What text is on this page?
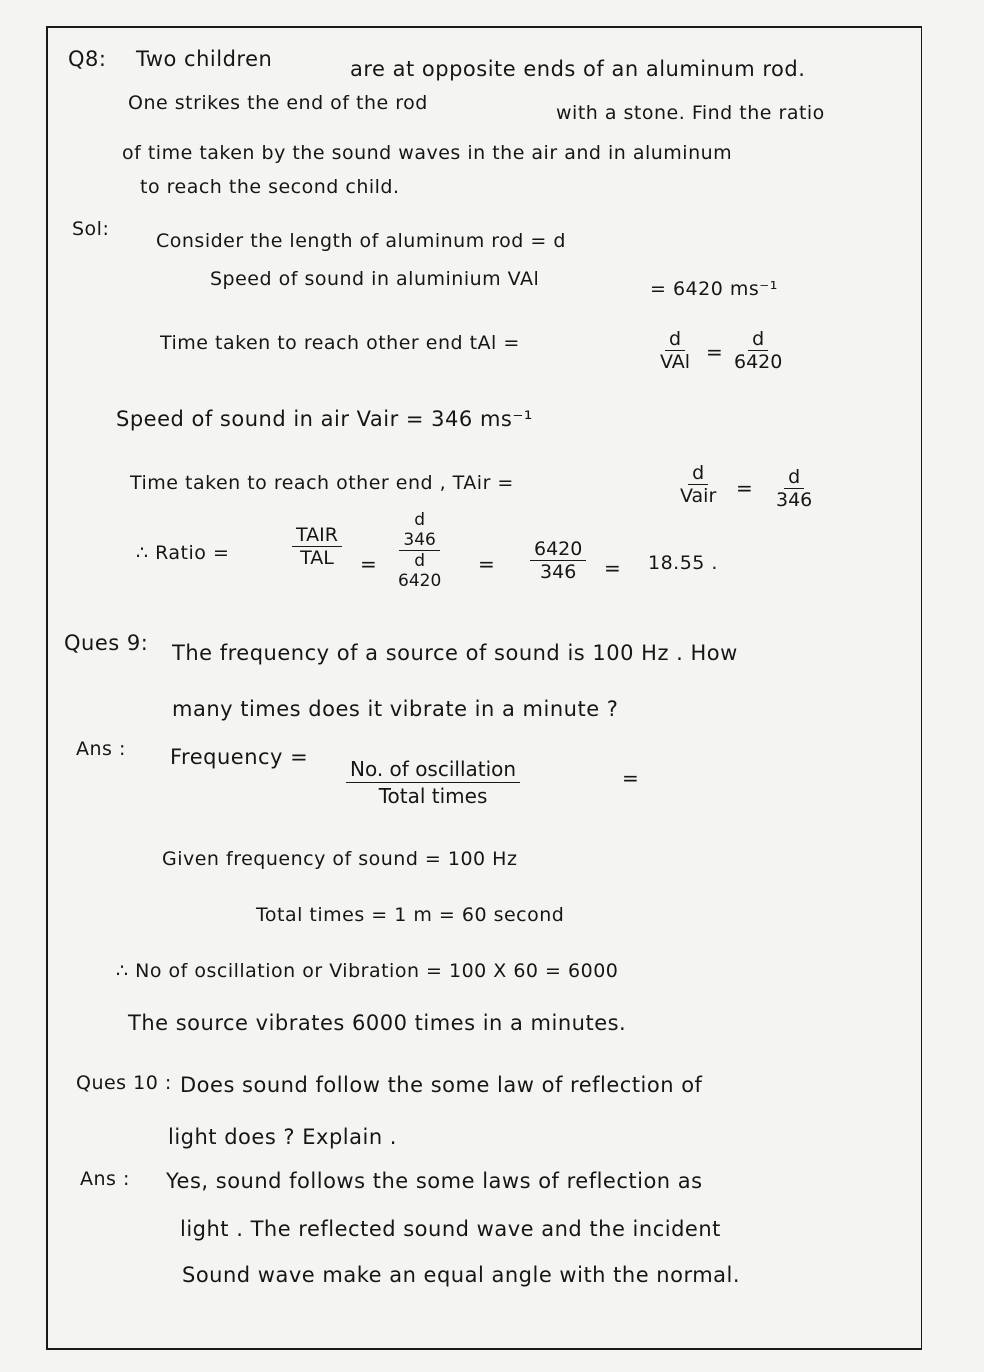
Q8: Two children	are at opposite ends of an aluminum rod.
One strikes the end of the rod	with a stone. Find the ratio
of time taken by the sound waves in the air and in aluminum
to reach the second child.
Sol:
Consider the length of aluminum rod = d
Speed of sound in aluminium VAl	= 6420 ms⁻¹
Time taken to reach other end tAl =	d
VAl = $\frac{d}{6420}$
Speed of sound in air Vair = 346 ms⁻¹
Time taken to reach other end , TAir =	d
Vair = $\frac{d}{346}$
∴ Ratio =
TAIR
TAL =
d
346
d
6420
= $\frac{6420}{346} = 18.55$ .
Ques 9: The frequency of a source of sound is 100 Hz . How
many times does it vibrate in a minute ?
Ans : Frequency = No. of oscillation
Total times
=
Given frequency of sound = 100 Hz
Total times = 1 m = 60 second
∴ No of oscillation or Vibration = 100 X 60 = 6000
The source vibrates 6000 times in a minutes.
Ques 10 : Does sound follow the some law of reflection of
light does ? Explain .
Ans : Yes, sound follows the some laws of reflection as
light . The reflected sound wave and the incident
Sound wave make an equal angle with the normal.
